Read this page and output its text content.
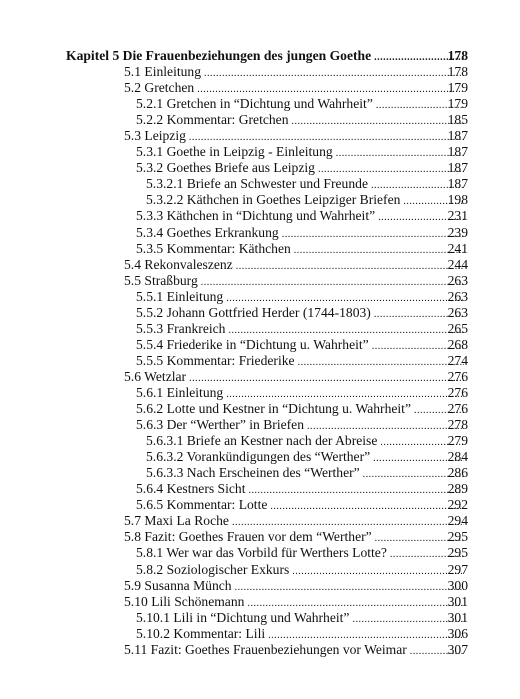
Kapitel 5 Die Frauenbeziehungen des jungen Goethe .....	178
5.1 Einleitung .....	178
5.2 Gretchen .....	179
5.2.1 Gretchen in “Dichtung und Wahrheit” .....	179
5.2.2 Kommentar: Gretchen .....	185
5.3 Leipzig .....	187
5.3.1 Goethe in Leipzig - Einleitung .....	187
5.3.2 Goethes Briefe aus Leipzig .....	187
5.3.2.1 Briefe an Schwester und Freunde .....	187
5.3.2.2 Käthchen in Goethes Leipziger Briefen .....	198
5.3.3 Käthchen in “Dichtung und Wahrheit” .....	231
5.3.4 Goethes Erkrankung .....	239
5.3.5 Kommentar: Käthchen .....	241
5.4 Rekonvaleszenz .....	244
5.5 Straßburg .....	263
5.5.1 Einleitung .....	263
5.5.2 Johann Gottfried Herder (1744-1803) .....	263
5.5.3 Frankreich .....	265
5.5.4 Friederike in “Dichtung u. Wahrheit” .....	268
5.5.5 Kommentar: Friederike .....	274
5.6 Wetzlar .....	276
5.6.1 Einleitung .....	276
5.6.2 Lotte und Kestner in “Dichtung u. Wahrheit” .....	276
5.6.3 Der “Werther” in Briefen .....	278
5.6.3.1 Briefe an Kestner nach der Abreise .....	279
5.6.3.2 Vorankündigungen des “Werther” .....	284
5.6.3.3 Nach Erscheinen des “Werther” .....	286
5.6.4 Kestners Sicht .....	289
5.6.5 Kommentar: Lotte .....	292
5.7 Maxi La Roche .....	294
5.8 Fazit: Goethes Frauen vor dem “Werther” .....	295
5.8.1 Wer war das Vorbild für Werthers Lotte? .....	295
5.8.2 Soziologischer Exkurs .....	297
5.9 Susanna Münch .....	300
5.10 Lili Schönemann .....	301
5.10.1 Lili in “Dichtung und Wahrheit” .....	301
5.10.2 Kommentar: Lili .....	306
5.11 Fazit: Goethes Frauenbeziehungen vor Weimar .....	307
